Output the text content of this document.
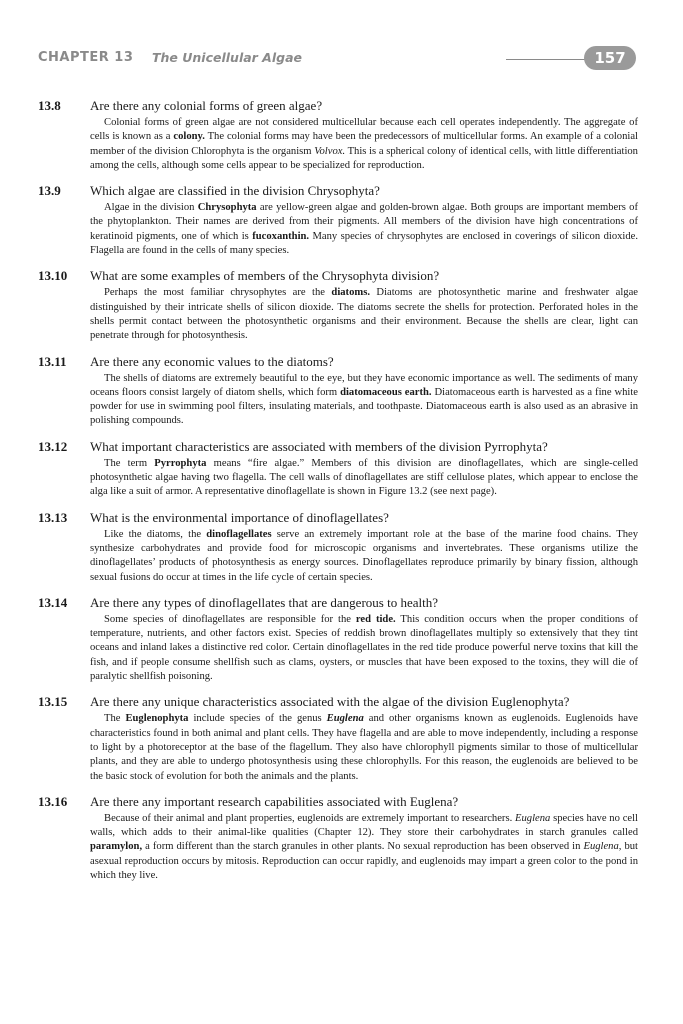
CHAPTER 13 The Unicellular Algae	157
13.8	Are there any colonial forms of green algae?
Colonial forms of green algae are not considered multicellular because each cell operates independently. The aggregate of cells is known as a colony. The colonial forms may have been the predecessors of multicellular forms. An example of a colonial member of the division Chlorophyta is the organism Volvox. This is a spherical colony of identical cells, with little differentiation among the cells, although some cells appear to be specialized for reproduction.
13.9	Which algae are classified in the division Chrysophyta?
Algae in the division Chrysophyta are yellow-green algae and golden-brown algae. Both groups are important members of the phytoplankton. Their names are derived from their pigments. All members of the division have high concentrations of keratinoid pigments, one of which is fucoxanthin. Many species of chrysophytes are enclosed in coverings of silicon dioxide. Flagella are found in the cells of many species.
13.10	What are some examples of members of the Chrysophyta division?
Perhaps the most familiar chrysophytes are the diatoms. Diatoms are photosynthetic marine and freshwater algae distinguished by their intricate shells of silicon dioxide. The diatoms secrete the shells for protection. Perforated holes in the shells permit contact between the photosynthetic organisms and their environment. Because the shells are clear, light can penetrate through for photosynthesis.
13.11	Are there any economic values to the diatoms?
The shells of diatoms are extremely beautiful to the eye, but they have economic importance as well. The sediments of many oceans floors consist largely of diatom shells, which form diatomaceous earth. Diatomaceous earth is harvested as a fine white powder for use in swimming pool filters, insulating materials, and toothpaste. Diatomaceous earth is also used as an abrasive in polishing compounds.
13.12	What important characteristics are associated with members of the division Pyrrophyta?
The term Pyrrophyta means “fire algae.” Members of this division are dinoflagellates, which are single-celled photosynthetic algae having two flagella. The cell walls of dinoflagellates are stiff cellulose plates, which appear to enclose the alga like a suit of armor. A representative dinoflagellate is shown in Figure 13.2 (see next page).
13.13	What is the environmental importance of dinoflagellates?
Like the diatoms, the dinoflagellates serve an extremely important role at the base of the marine food chains. They synthesize carbohydrates and provide food for microscopic organisms and invertebrates. These organisms utilize the dinoflagellates’ products of photosynthesis as energy sources. Dinoflagellates reproduce primarily by binary fission, although sexual fusions do occur at times in the life cycle of certain species.
13.14	Are there any types of dinoflagellates that are dangerous to health?
Some species of dinoflagellates are responsible for the red tide. This condition occurs when the proper conditions of temperature, nutrients, and other factors exist. Species of reddish brown dinoflagellates multiply so extensively that they tint oceans and inland lakes a distinctive red color. Certain dinoflagellates in the red tide produce powerful nerve toxins that kill the fish, and if people consume shellfish such as clams, oysters, or muscles that have been exposed to the toxins, they will die of paralytic shellfish poisoning.
13.15	Are there any unique characteristics associated with the algae of the division Euglenophyta?
The Euglenophyta include species of the genus Euglena and other organisms known as euglenoids. Euglenoids have characteristics found in both animal and plant cells. They have flagella and are able to move independently, including a response to light by a photoreceptor at the base of the flagellum. They also have chlorophyll pigments similar to those of multicellular plants, and they are able to undergo photosynthesis using these chlorophylls. For this reason, the euglenoids are believed to be the basic stock of evolution for both the animals and the plants.
13.16	Are there any important research capabilities associated with Euglena?
Because of their animal and plant properties, euglenoids are extremely important to researchers. Euglena species have no cell walls, which adds to their animal-like qualities (Chapter 12). They store their carbohydrates in starch granules called paramylon, a form different than the starch granules in other plants. No sexual reproduction has been observed in Euglena, but asexual reproduction occurs by mitosis. Reproduction can occur rapidly, and euglenoids may impart a green color to the pond in which they live.
